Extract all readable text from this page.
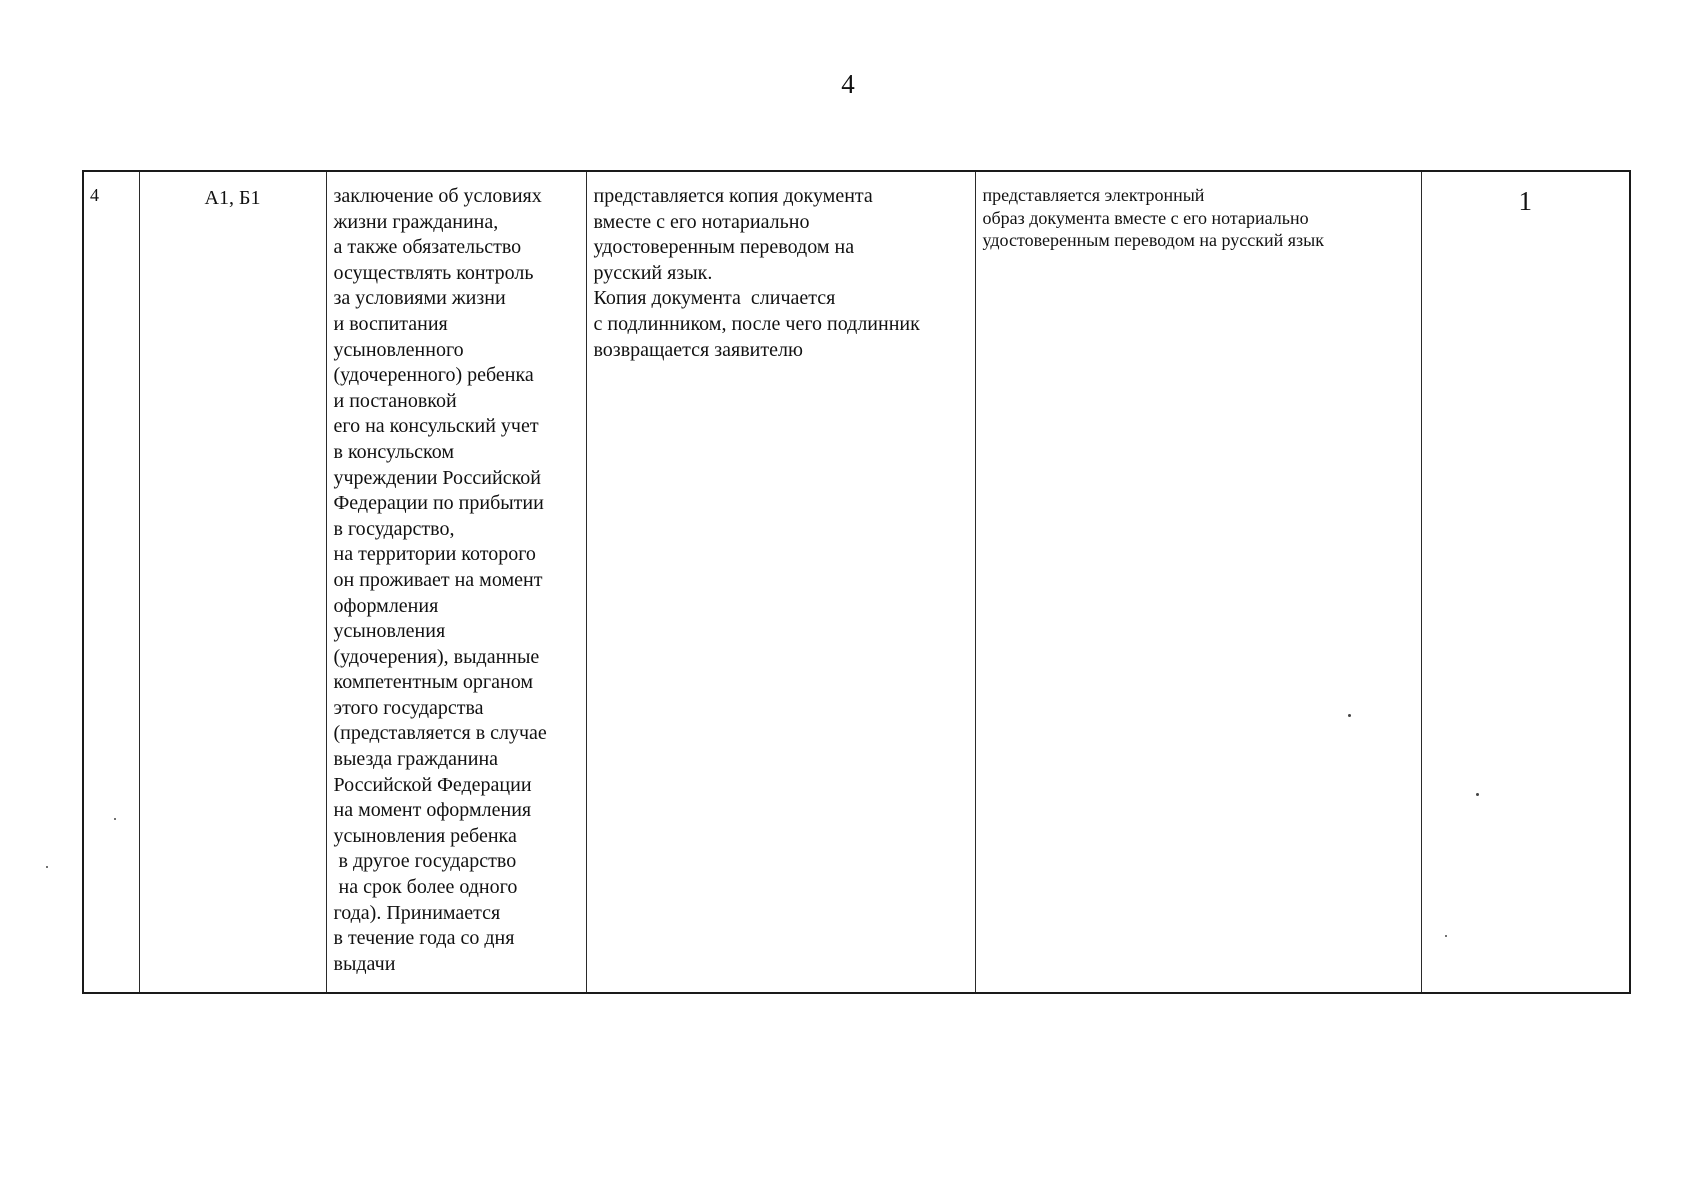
4
4	А1, Б1	заключение об условиях
жизни гражданина,
а также обязательство
осуществлять контроль
за условиями жизни
и воспитания
усыновленного
(удочеренного) ребенка
и постановкой
его на консульский учет
в консульском
учреждении Российской
Федерации по прибытии
в государство,
на территории которого
он проживает на момент
оформления
усыновления
(удочерения), выданные
компетентным органом
этого государства
(представляется в случае
выезда гражданина
Российской Федерации
на момент оформления
усыновления ребенка
в другое государство
на срок более одного
года). Принимается
в течение года со дня
выдачи	представляется копия документа
вместе с его нотариально
удостоверенным переводом на
русский язык.
Копия документа  сличается
с подлинником, после чего подлинник
возвращается заявителю	представляется электронный
образ документа вместе с его нотариально
удостоверенным переводом на русский язык	1
